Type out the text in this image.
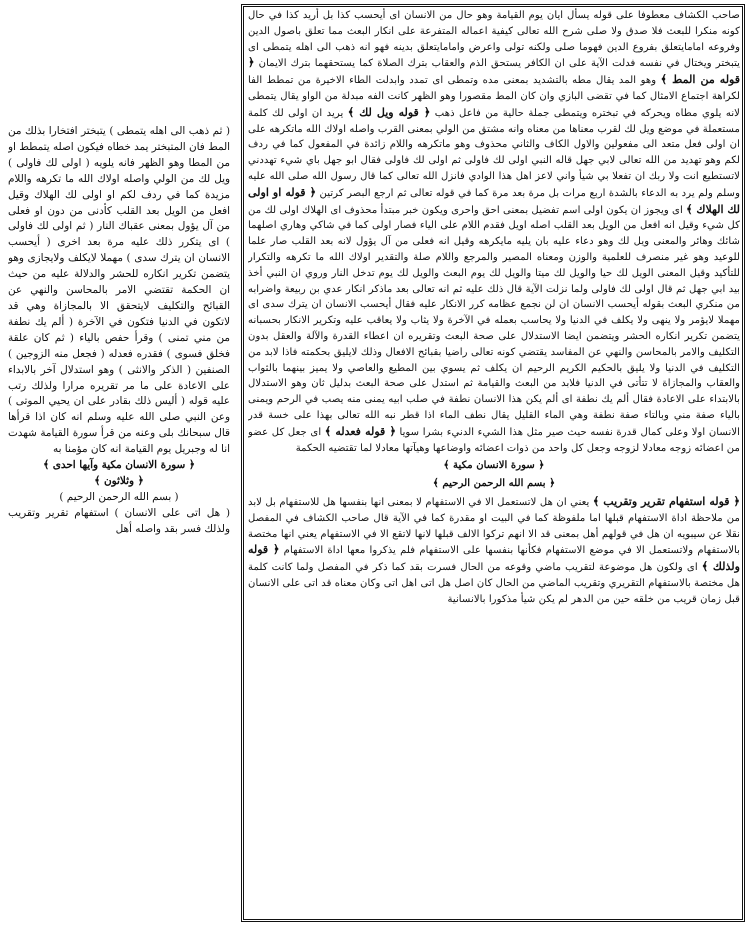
صاحب الكشاف معطوفا على قوله يسأل ايان يوم القيامة وهو حال من الانسان اى أيحسب كذا بل أريد كذا في حال كونه منكرا للبعث فلا صدق ولا صلى شرح الله تعالى كيفية اعماله المتفرعة على انكار البعث مما تعلق باصول الدين وفروعه امامايتعلق بفروع الدين فهوما صلى ولكنه تولى واعرض وامامايتعلق بدينه فهو انه ذهب الى اهله يتمطى اى يتبختر ويختال في نفسه فدلت الآية على ان الكافر يستحق الذم والعقاب بترك الصلاة كما يستحقهما بترك الايمان ﴿ قوله من المط ﴾ وهو المد يقال مطه بالتشديد بمعنى مده وتمطى اى تمدد وابدلت الطاء الاخيرة من تمطط الفا لكراهة اجتماع الامثال كما في تقضى البازي وان كان المط مقصورا وهو الظهر كانت الفه مبدلة من الواو يقال يتمطى لانه يلوي مطاه ويحركه في تبختره ويتمطى جملة حالية من فاعل ذهب ﴿ قوله ويل لك ﴾ يريد ان اولى لك كلمة مستعملة في موضع ويل لك لقرب معناها من معناه وانه مشتق من الولي بمعنى القرب واصله اولاك الله ماتكرهه على ان اولى فعل متعد الى مفعولين والاول الكاف والثاني محذوف وهو ماتكرهه واللام زائدة في المفعول كما في ردف لكم وهو تهديد من الله تعالى لابي جهل قاله النبي اولى لك فاولى ثم اولى لك فاولى فقال ابو جهل باي شيء تهددني لاتستطيع انت ولا ربك ان تفعلا بي شيأ واني لاعز اهل هذا الوادي فانزل الله تعالى كما قال رسول الله صلى الله عليه وسلم ولم يرد به الدعاء بالشدة اربع مرات بل مرة بعد مرة كما في قوله تعالى ثم ارجع البصر كرتين ﴿ قوله او اولى لك الهلاك ﴾ اى ويجوز ان يكون اولى اسم تفضيل بمعنى احق واحرى ويكون خبر مبتدأ محذوف اى الهلاك اولى لك من كل شيء وقيل انه افعل من الويل بعد القلب اصله اويل فقدم اللام على الياء فصار اولى كما في شاكي وهاري اصلهما شائك وهائر والمعنى ويل لك وهو دعاء عليه بان يليه مايكرهه وقيل انه فعلى من آل يؤول لانه بعد القلب صار علما للوعيد وهو غير منصرف للعلمية والوزن ومعناه المصير والمرجع واللام صلة والتقدير اولاك الله ما تكرهه والتكرار للتأكيد وقيل المعنى الويل لك حيا والويل لك ميتا والويل لك يوم البعث والويل لك يوم تدخل النار وروي ان النبي أخذ بيد ابي جهل ثم قال اولى لك فاولى ولما نزلت الآية قال ذلك عليه ثم انه تعالى بعد ماذكر انكار عدي بن ربيعة واضرابه من منكري البعث بقوله أيحسب الانسان ان لن نجمع عظامه كرر الانكار عليه فقال أيحسب الانسان ان يترك سدى اى مهملا لايؤمر ولا ينهى ولا يكلف في الدنيا ولا يحاسب بعمله في الآخرة ولا يثاب ولا يعاقب عليه وتكرير الانكار بحسبانه يتضمن تكرير انكاره الحشر ويتضمن ايضا الاستدلال على صحة البعث وتقريره ان اعطاء القدرة والآلة والعقل بدون التكليف والامر بالمحاسن والنهي عن المفاسد يقتضي كونه تعالى راضيا بقبائح الافعال وذلك لايليق بحكمته فاذا لابد من التكليف في الدنيا ولا يليق بالحكيم الكريم الرحيم ان يكلف ثم يسوي بين المطيع والعاصي ولا يميز بينهما بالثواب والعقاب والمجازاة لا تتأتى في الدنيا فلابد من البعث والقيامة ثم استدل على صحة البعث بدليل ثان وهو الاستدلال بالابتداء على الاعادة فقال ألم يك نطفة اى ألم يكن هذا الانسان نطفة في صلب ابيه يمنى منه يصب في الرحم ويمنى بالياء صفة مني وبالتاء صفة نطفة وهي الماء القليل يقال نطف الماء اذا قطر نبه الله تعالى بهذا على خسة قدر الانسان اولا وعلى كمال قدرة نفسه حيث صير مثل هذا الشيء الدنيء بشرا سويا ﴿ قوله فعدله ﴾ اى جعل كل عضو من اعضائه زوجه معادلا لزوجه وجعل كل واحد من ذوات اعضائه واوضاعها وهيآتها معادلا لما تقتضيه الحكمة

﴿ سورة الانسان مكية ﴾

﴿ بسم الله الرحمن الرحيم ﴾

﴿ قوله استفهام تقرير وتقريب ﴾ يعني ان هل لاتستعمل الا في الاستفهام لا بمعنى انها بنفسها هل للاستفهام بل لابد من ملاحظة اداة الاستفهام قبلها اما ملفوظة كما في البيت او مقدرة كما في الآية قال صاحب الكشاف في المفصل نقلا عن سيبويه ان هل في قولهم أهل بمعنى قد الا انهم تركوا الالف قبلها لانها لاتقع الا في الاستفهام يعني انها مختصة بالاستفهام ولاتستعمل الا في موضع الاستفهام فكأنها بنفسها على الاستفهام فلم يذكروا معها اداة الاستفهام ﴿ قوله ولذلك ﴾ اى ولكون هل موضوعة لتقريب ماضي وقوعه من الحال فسرت بقد كما ذكر في المفصل ولما كانت كلمة هل مختصة بالاستفهام التقريري وتقريب الماضي من الحال كان اصل هل اتى اهل اتى وكان معناه قد اتى على الانسان قبل زمان قريب من خلقه حين من الدهر لم يكن شيأ مذكورا بالانسانية

( ثم ذهب الى اهله يتمطى ) يتبختر افتخارا بذلك من المط فان المتبختر يمد خطاه فيكون اصله يتمطط او من المطا وهو الظهر فانه يلويه ( اولى لك فاولى ) ويل لك من الولي واصله اولاك الله ما تكرهه واللام مزيدة كما في ردف لكم او اولى لك الهلاك وقيل افعل من الويل بعد القلب كأدنى من دون او فعلى من آل يؤول بمعنى عقباك النار ( ثم اولى لك فاولى ) اى يتكرر ذلك عليه مرة بعد اخرى ( أيحسب الانسان ان يترك سدى ) مهملا لايكلف ولايجازى وهو يتضمن تكرير انكاره للحشر والدلالة عليه من حيث ان الحكمة تقتضي الامر بالمحاسن والنهي عن القبائح والتكليف لايتحقق الا بالمجازاة وهي قد لاتكون في الدنيا فتكون في الآخرة ( ألم يك نطفة من مني تمنى ) وقرأ حفص بالياء ( ثم كان علقة فخلق فسوى ) فقدره فعدله ( فجعل منه الزوجين ) الصنفين ( الذكر والانثى ) وهو استدلال آخر بالابداء على الاعادة على ما مر تقريره مرارا ولذلك رتب عليه قوله ( أليس ذلك بقادر على ان يحيي الموتى ) وعن النبي صلى الله عليه وسلم انه كان اذا قرأها قال سبحانك بلى وعنه من قرأ سورة القيامة شهدت انا له وجبريل يوم القيامة انه كان مؤمنا به

﴿ سورة الانسان مكية وآيها احدى ﴾

﴿ وثلاثون ﴾

( بسم الله الرحمن الرحيم )

( هل اتى على الانسان ) استفهام تقرير وتقريب ولذلك فسر بقد واصله أهل
